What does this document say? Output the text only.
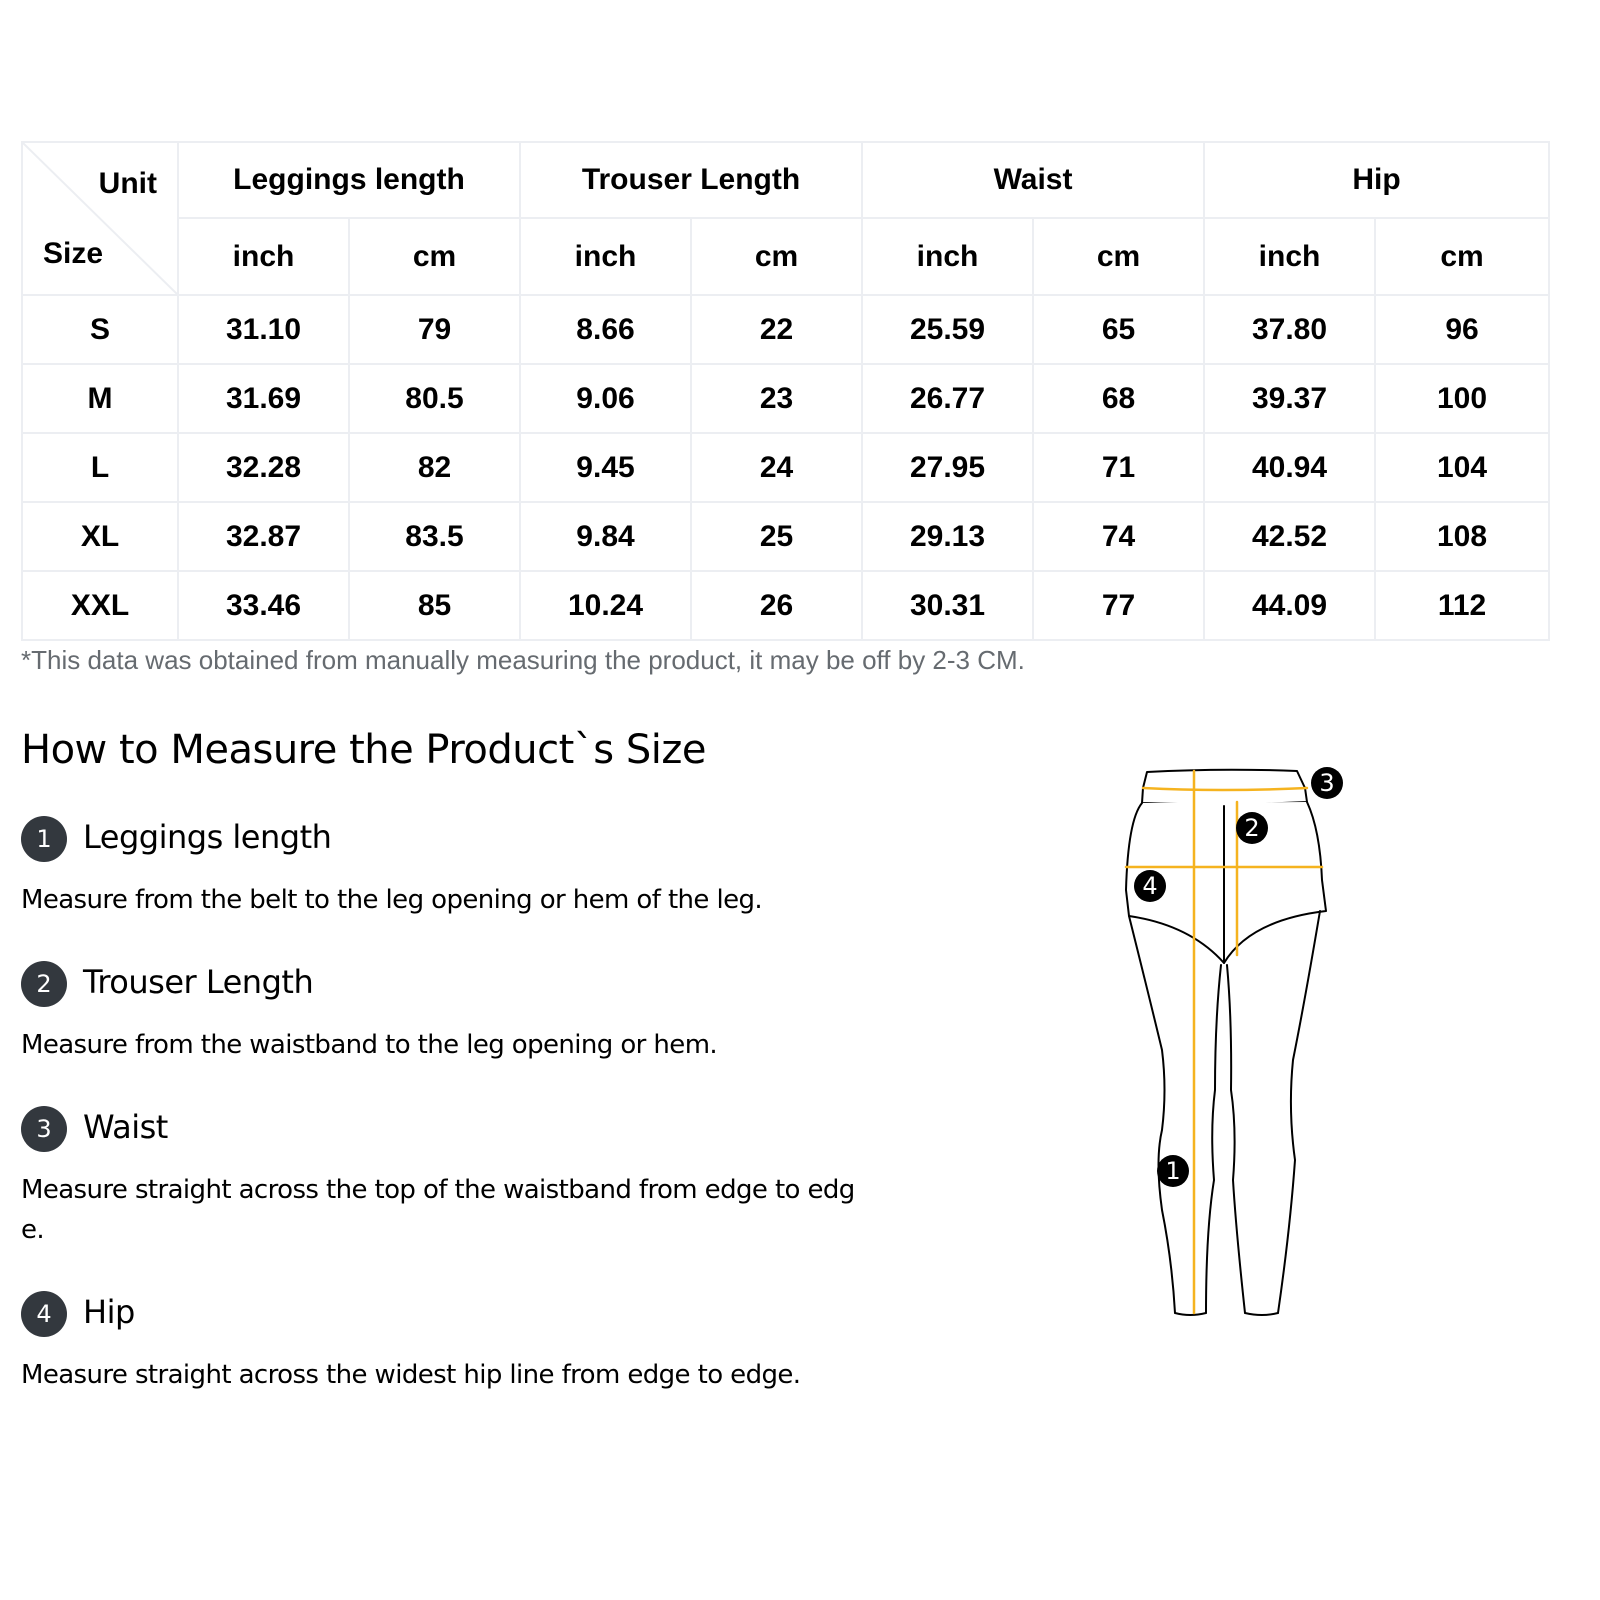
Unit
Size	Leggings length		Trouser Length		Waist		Hip	
	inch	cm	inch	cm	inch	cm	inch	cm
S	31.10	79	8.66	22	25.59	65	37.80	96
M	31.69	80.5	9.06	23	26.77	68	39.37	100
L	32.28	82	9.45	24	27.95	71	40.94	104
XL	32.87	83.5	9.84	25	29.13	74	42.52	108
XXL	33.46	85	10.24	26	30.31	77	44.09	112
*This data was obtained from manually measuring the product, it may be off by 2-3 CM.
How to Measure the Product`s Size
1 Leggings length
Measure from the belt to the leg opening or hem of the leg.
2 Trouser Length
Measure from the waistband to the leg opening or hem.
3 Waist
Measure straight across the top of the waistband from edge to edge.
4 Hip
Measure straight across the widest hip line from edge to edge.
3
2
4
1
